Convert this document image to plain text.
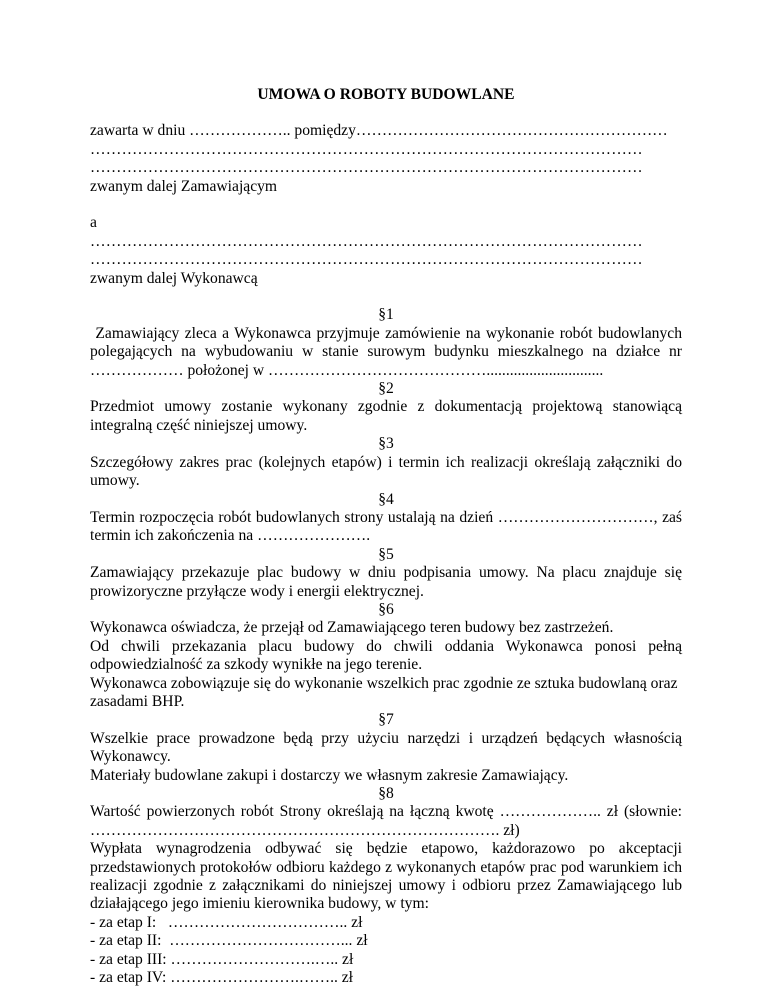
UMOWA O ROBOTY BUDOWLANE
zawarta w dniu ……………….. pomiędzy……………………………………………………
……………………………………………………………………………………………
……………………………………………………………………………………………
zwanym dalej Zamawiającym
a
……………………………………………………………………………………………
……………………………………………………………………………………………
zwanym dalej Wykonawcą
§1
Zamawiający zleca a Wykonawca przyjmuje zamówienie na wykonanie robót budowlanych
polegających na wybudowaniu w stanie surowym budynku mieszkalnego na działce nr
……………… położonej w ……………………………………..............................
§2
Przedmiot umowy zostanie wykonany zgodnie z dokumentacją projektową stanowiącą
integralną część niniejszej umowy.
§3
Szczegółowy zakres prac (kolejnych etapów) i termin ich realizacji określają załączniki do
umowy.
§4
Termin rozpoczęcia robót budowlanych strony ustalają na dzień …………………………, zaś
termin ich zakończenia na ………………….
§5
Zamawiający przekazuje plac budowy w dniu podpisania umowy. Na placu znajduje się
prowizoryczne przyłącze wody i energii elektrycznej.
§6
Wykonawca oświadcza, że przejął od Zamawiającego teren budowy bez zastrzeżeń.
Od chwili przekazania placu budowy do chwili oddania Wykonawca ponosi pełną
odpowiedzialność za szkody wynikłe na jego terenie.
Wykonawca zobowiązuje się do wykonanie wszelkich prac zgodnie ze sztuka budowlaną oraz
zasadami BHP.
§7
Wszelkie prace prowadzone będą przy użyciu narzędzi i urządzeń będących własnością
Wykonawcy.
Materiały budowlane zakupi i dostarczy we własnym zakresie Zamawiający.
§8
Wartość powierzonych robót Strony określają na łączną kwotę ……………….. zł (słownie:
……………………………………………………………………. zł)
Wypłata wynagrodzenia odbywać się będzie etapowo, każdorazowo po akceptacji
przedstawionych protokołów odbioru każdego z wykonanych etapów prac pod warunkiem ich
realizacji zgodnie z załącznikami do niniejszej umowy i odbioru przez Zamawiającego lub
działającego jego imieniu kierownika budowy, w tym:
- za etap I:   …………………………….. zł
- za etap II:  ……………………………... zł
- za etap III: ……………………….….. zł
- za etap IV: …………………….…….. zł
